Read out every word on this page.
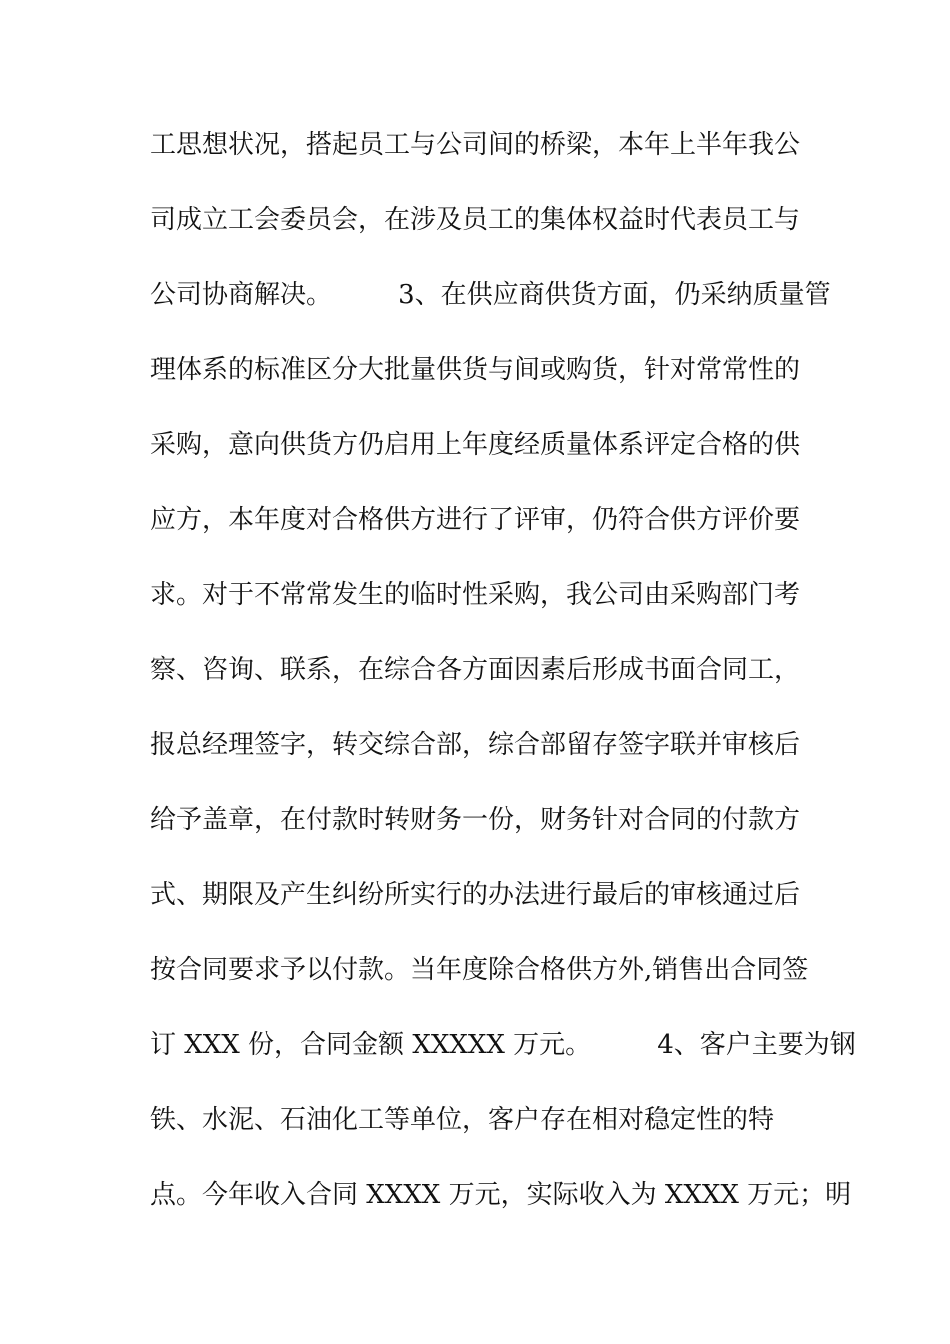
工思想状况，搭起员工与公司间的桥梁，本年上半年我公
司成立工会委员会，在涉及员工的集体权益时代表员工与
公司协商解决。        3、在供应商供货方面，仍采纳质量管
理体系的标准区分大批量供货与间或购货，针对常常性的
采购，意向供货方仍启用上年度经质量体系评定合格的供
应方，本年度对合格供方进行了评审，仍符合供方评价要
求。对于不常常发生的临时性采购，我公司由采购部门考
察、咨询、联系，在综合各方面因素后形成书面合同工，
报总经理签字，转交综合部，综合部留存签字联并审核后
给予盖章，在付款时转财务一份，财务针对合同的付款方
式、期限及产生纠纷所实行的办法进行最后的审核通过后
按合同要求予以付款。当年度除合格供方外,销售出合同签
订 XXX 份，合同金额 XXXXX 万元。        4、客户主要为钢
铁、水泥、石油化工等单位，客户存在相对稳定性的特
点。今年收入合同 XXXX 万元，实际收入为 XXXX 万元；明
